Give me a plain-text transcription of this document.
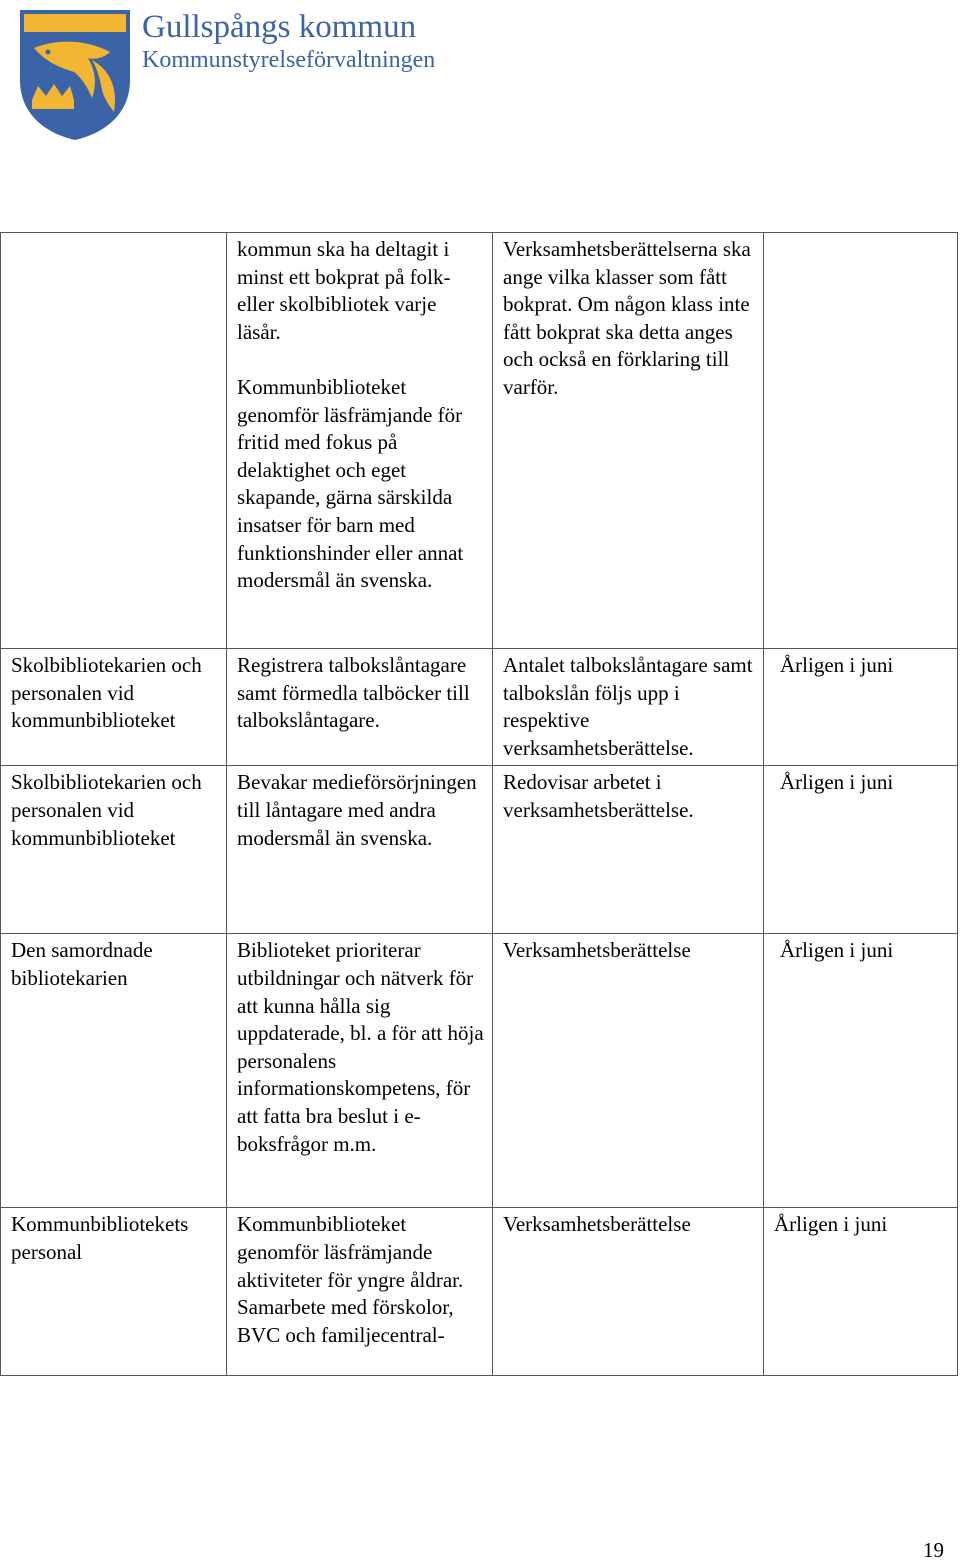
Gullspångs kommun
Kommunstyrelseförvaltningen

	kommun ska ha deltagit i minst ett bokprat på folk- eller skolbibliotek varje läsår.
Kommunbiblioteket genomför läsfrämjande för fritid med fokus på delaktighet och eget skapande, gärna särskilda insatser för barn med funktionshinder eller annat modersmål än svenska.	Verksamhetsberättelserna ska ange vilka klasser som fått bokprat. Om någon klass inte fått bokprat ska detta anges och också en förklaring till varför.	
Skolbibliotekarien och personalen vid kommunbiblioteket	Registrera talbokslåntagare samt förmedla talböcker till talbokslåntagare.	Antalet talbokslåntagare samt talbokslån följs upp i respektive verksamhetsberättelse.	Årligen i juni
Skolbibliotekarien och personalen vid kommunbiblioteket	Bevakar medieförsörjningen till låntagare med andra modersmål än svenska.	Redovisar arbetet i verksamhetsberättelse.	Årligen i juni
Den samordnade bibliotekarien	Biblioteket prioriterar utbildningar och nätverk för att kunna hålla sig uppdaterade, bl. a för att höja personalens informationskompetens, för att fatta bra beslut i e-boksfrågor m.m.	Verksamhetsberättelse	Årligen i juni
Kommunbibliotekets personal	Kommunbiblioteket genomför läsfrämjande aktiviteter för yngre åldrar. Samarbete med förskolor, BVC och familjecentral-	Verksamhetsberättelse	Årligen i juni
19
